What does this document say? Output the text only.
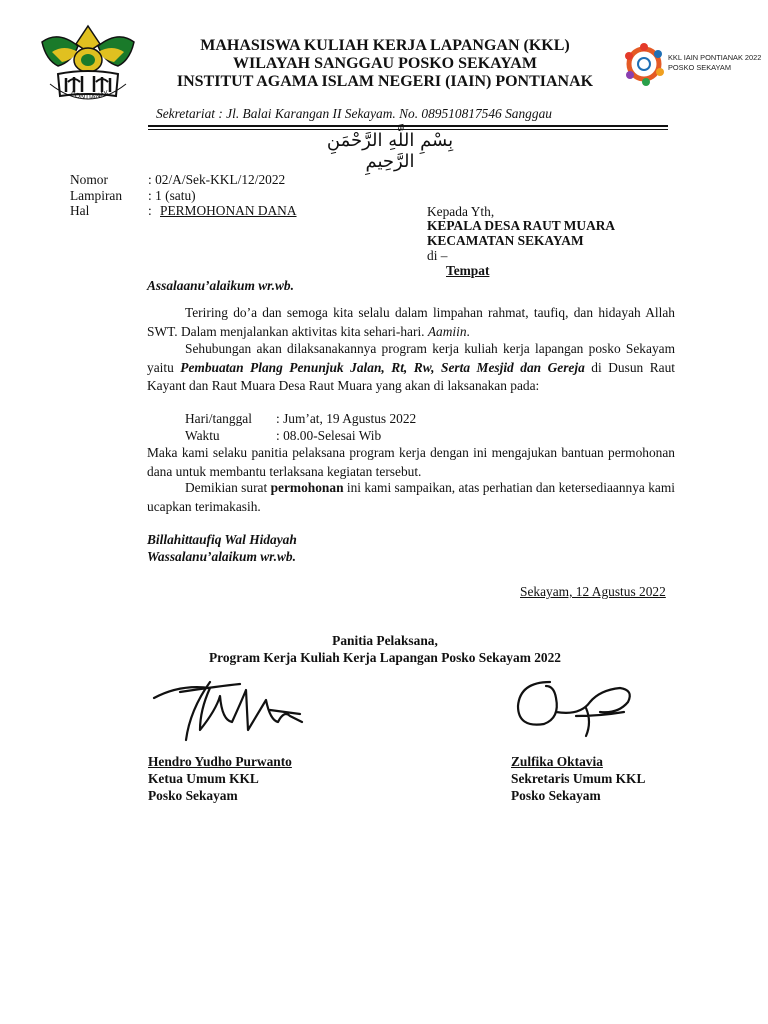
PONTIANAK
MAHASISWA KULIAH KERJA LAPANGAN (KKL)
WILAYAH SANGGAU POSKO SEKAYAM
INSTITUT AGAMA ISLAM NEGERI (IAIN) PONTIANAK
KKL IAIN PONTIANAK 2022
POSKO SEKAYAM
Sekretariat : Jl. Balai Karangan II Sekayam. No. 089510817546 Sanggau
بِسْمِ اللَّهِ الرَّحْمَنِ الرَّحِيمِ
Nomor	: 02/A/Sek-KKL/12/2022
Lampiran : 1 (satu)
Hal	: PERMOHONAN DANA	Kepada Yth,
KEPALA DESA RAUT MUARA
KECAMATAN SEKAYAM
di –
Tempat
Assalaanu’alaikum wr.wb.
Teriring do’a dan semoga kita selalu dalam limpahan rahmat, taufiq, dan hidayah Allah SWT. Dalam menjalankan aktivitas kita sehari-hari. Aamiin.
Sehubungan akan dilaksanakannya program kerja kuliah kerja lapangan posko Sekayam yaitu Pembuatan Plang Penunjuk Jalan, Rt, Rw, Serta Mesjid dan Gereja di Dusun Raut Kayant dan Raut Muara Desa Raut Muara yang akan di laksanakan pada:
Hari/tanggal : Jum’at, 19 Agustus 2022
Waktu	: 08.00-Selesai Wib
Maka kami selaku panitia pelaksana program kerja dengan ini mengajukan bantuan permohonan dana untuk membantu terlaksana kegiatan tersebut.
Demikian surat permohonan ini kami sampaikan, atas perhatian dan ketersediaannya kami ucapkan terimakasih.
Billahittaufiq Wal Hidayah
Wassalanu’alaikum wr.wb.
Sekayam, 12 Agustus 2022
Panitia Pelaksana,
Program Kerja Kuliah Kerja Lapangan Posko Sekayam 2022
Hendro Yudho Purwanto
Ketua Umum KKL
Posko Sekayam
Zulfika Oktavia
Sekretaris Umum KKL
Posko Sekayam
